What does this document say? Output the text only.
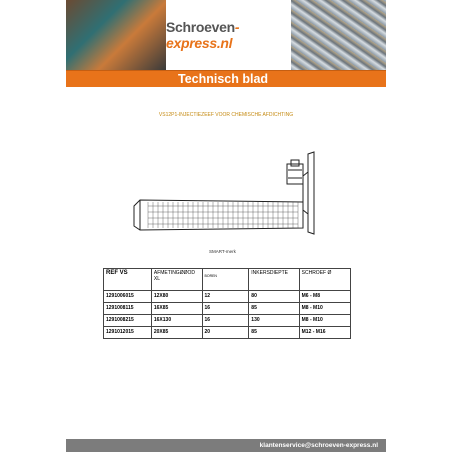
Schroeven-express.nl
Technisch blad
VS12P1-INJECTIEZEEF VOOR CHEMISCHE AFDICHTING
SMART-merk
REF VS	AFMETINGØØOD XL	BOREN	INKERSDIEPTE	SCHROEF Ø
1291006015	12X80	12	80	M6 - M8
1291008115	16X85	16	85	M8 - M10
1291008215	16X130	16	130	M8 - M10
1291012015	20X85	20	85	M12 - M16
klantenservice@schroeven-express.nl
